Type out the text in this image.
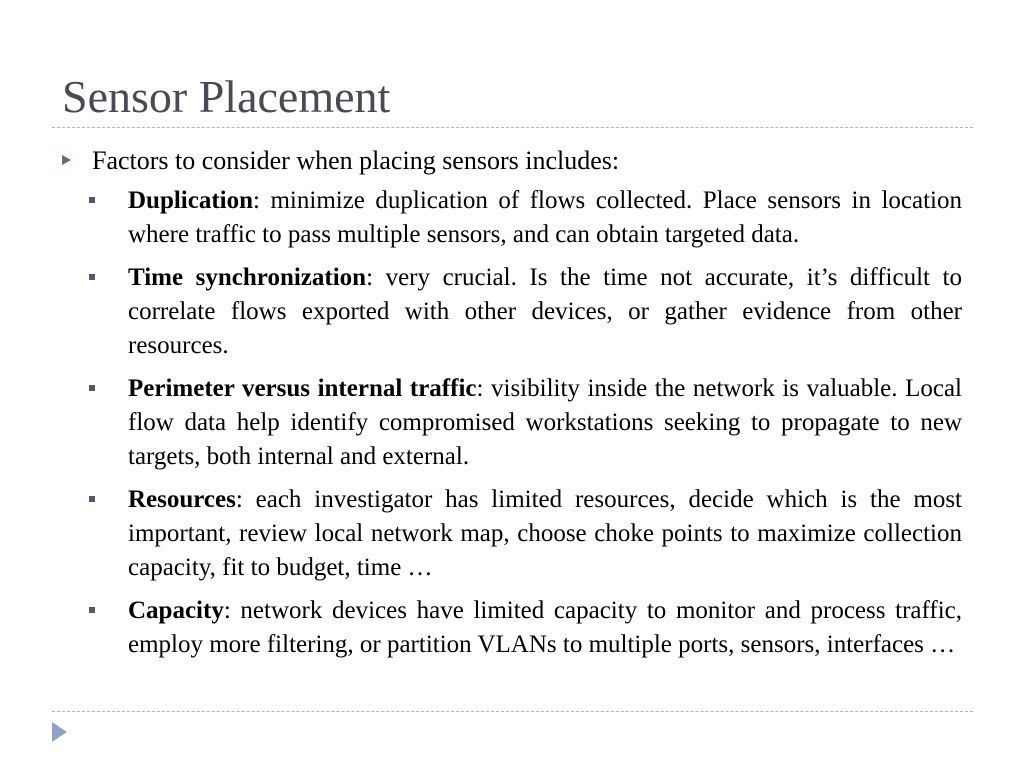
Sensor Placement
Factors to consider when placing sensors includes:
Duplication: minimize duplication of flows collected. Place sensors in location where traffic to pass multiple sensors, and can obtain targeted data.
Time synchronization: very crucial. Is the time not accurate, it’s difficult to correlate flows exported with other devices, or gather evidence from other resources.
Perimeter versus internal traffic: visibility inside the network is valuable. Local flow data help identify compromised workstations seeking to propagate to new targets, both internal and external.
Resources: each investigator has limited resources, decide which is the most important, review local network map, choose choke points to maximize collection capacity, fit to budget, time …
Capacity: network devices have limited capacity to monitor and process traffic, employ more filtering, or partition VLANs to multiple ports, sensors, interfaces …
